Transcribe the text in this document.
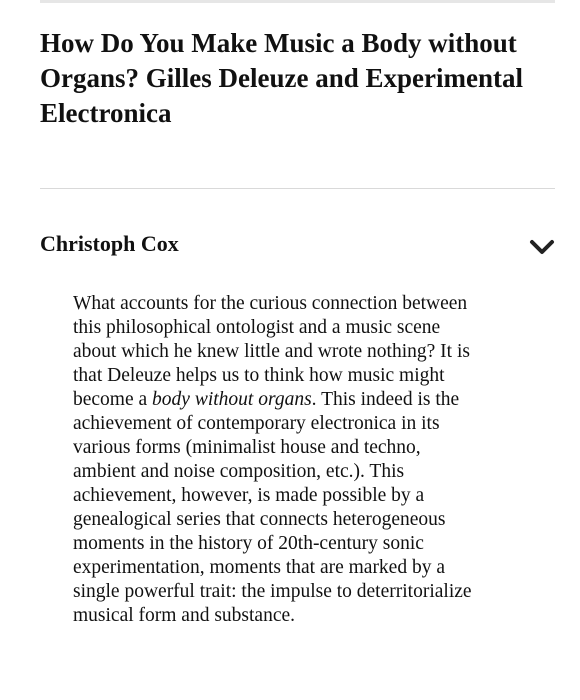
How Do You Make Music a Body without Organs? Gilles Deleuze and Experimental Electronica
Christoph Cox

What accounts for the curious connection between
this philosophical ontologist and a music scene
about which he knew little and wrote nothing? It is
that Deleuze helps us to think how music might
become a body without organs. This indeed is the
achievement of contemporary electronica in its
various forms (minimalist house and techno,
ambient and noise composition, etc.). This
achievement, however, is made possible by a
genealogical series that connects heterogeneous
moments in the history of 20th-century sonic
experimentation, moments that are marked by a
single powerful trait: the impulse to deterritorialize
musical form and substance.
